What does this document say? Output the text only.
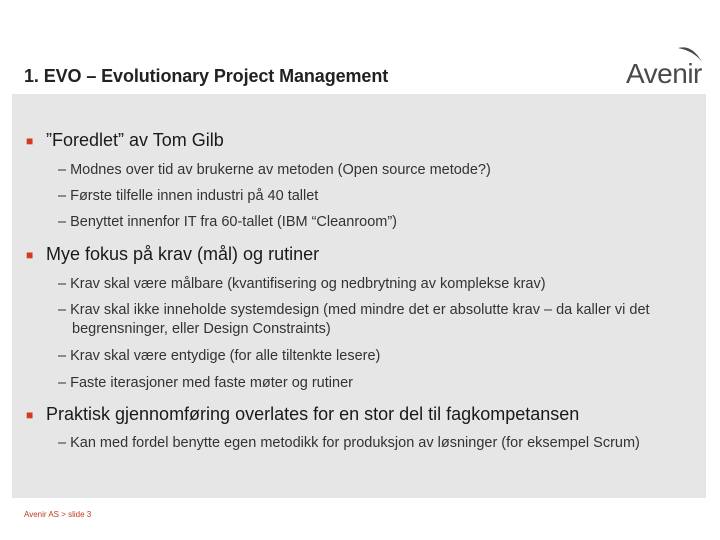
1. EVO – Evolutionary Project Management	Avenir
■ ”Foredlet” av Tom Gilb
– Modnes over tid av brukerne av metoden (Open source metode?)
– Første tilfelle innen industri på 40 tallet
– Benyttet innenfor IT fra 60-tallet (IBM “Cleanroom”)
■ Mye fokus på krav (mål) og rutiner
– Krav skal være målbare (kvantifisering og nedbrytning av komplekse krav)
– Krav skal ikke inneholde systemdesign (med mindre det er absolutte krav – da kaller vi det begrensninger, eller Design Constraints)
– Krav skal være entydige (for alle tiltenkte lesere)
– Faste iterasjoner med faste møter og rutiner
■ Praktisk gjennomføring overlates for en stor del til fagkompetansen
– Kan med fordel benytte egen metodikk for produksjon av løsninger (for eksempel Scrum)
Avenir AS > slide 3
